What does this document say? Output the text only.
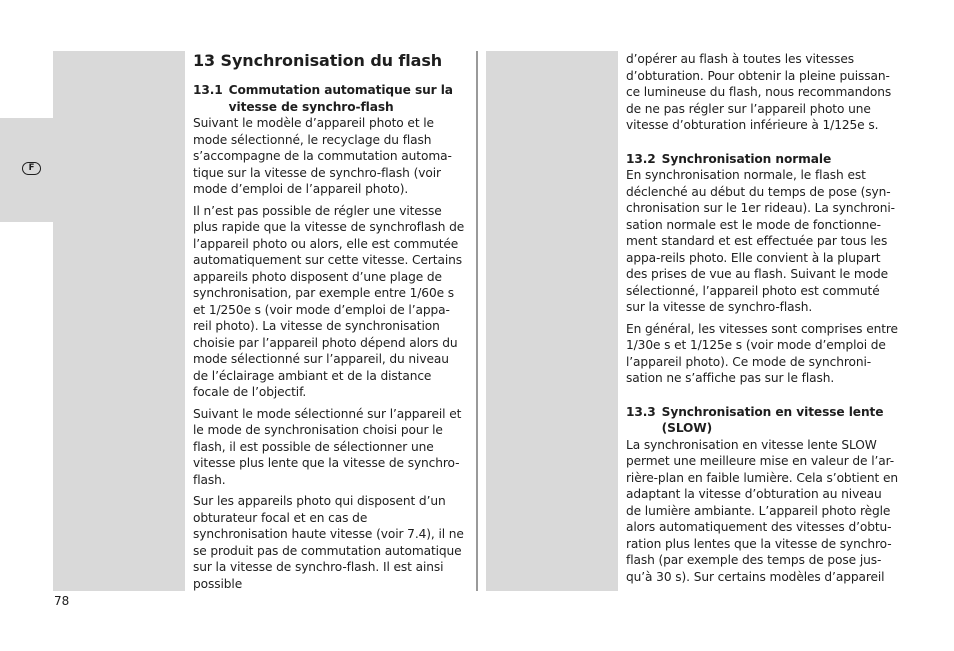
F
13 Synchronisation du flash
13.1 Commutation automatique sur la vitesse de synchro-flash

Suivant le modèle d’appareil photo et le mode sélectionné, le recyclage du flash s’accompagne de la commutation automa-tique sur la vitesse de synchro-flash (voir mode d’emploi de l’appareil photo).

Il n’est pas possible de régler une vitesse plus rapide que la vitesse de synchroflash de l’appareil photo ou alors, elle est commutée automatiquement sur cette vitesse. Certains appareils photo disposent d’une plage de synchronisation, par exemple entre 1/60e s et 1/250e s (voir mode d’emploi de l’appa-reil photo). La vitesse de synchronisation choisie par l’appareil photo dépend alors du mode sélectionné sur l’appareil, du niveau de l’éclairage ambiant et de la distance focale de l’objectif.

Suivant le mode sélectionné sur l’appareil et le mode de synchronisation choisi pour le flash, il est possible de sélectionner une vitesse plus lente que la vitesse de synchro-flash.

Sur les appareils photo qui disposent d’un obturateur focal et en cas de synchronisation haute vitesse (voir 7.4), il ne se produit pas de commutation automatique sur la vitesse de synchro-flash. Il est ainsi possible

d’opérer au flash à toutes les vitesses d’obturation. Pour obtenir la pleine puissan-ce lumineuse du flash, nous recommandons de ne pas régler sur l’appareil photo une vitesse d’obturation inférieure à 1/125e s.

13.2 Synchronisation normale

En synchronisation normale, le flash est déclenché au début du temps de pose (syn-chronisation sur le 1er rideau). La synchroni-sation normale est le mode de fonctionne-ment standard et est effectuée par tous les appa-reils photo. Elle convient à la plupart des prises de vue au flash. Suivant le mode sélectionné, l’appareil photo est commuté sur la vitesse de synchro-flash.

En général, les vitesses sont comprises entre 1/30e s et 1/125e s (voir mode d’emploi de l’appareil photo). Ce mode de synchroni-sation ne s’affiche pas sur le flash.

13.3 Synchronisation en vitesse lente (SLOW)

La synchronisation en vitesse lente SLOW permet une meilleure mise en valeur de l’ar-rière-plan en faible lumière. Cela s’obtient en adaptant la vitesse d’obturation au niveau de lumière ambiante. L’appareil photo règle alors automatiquement des vitesses d’obtu-ration plus lentes que la vitesse de synchro-flash (par exemple des temps de pose jus-qu’à 30 s). Sur certains modèles d’appareil

78
